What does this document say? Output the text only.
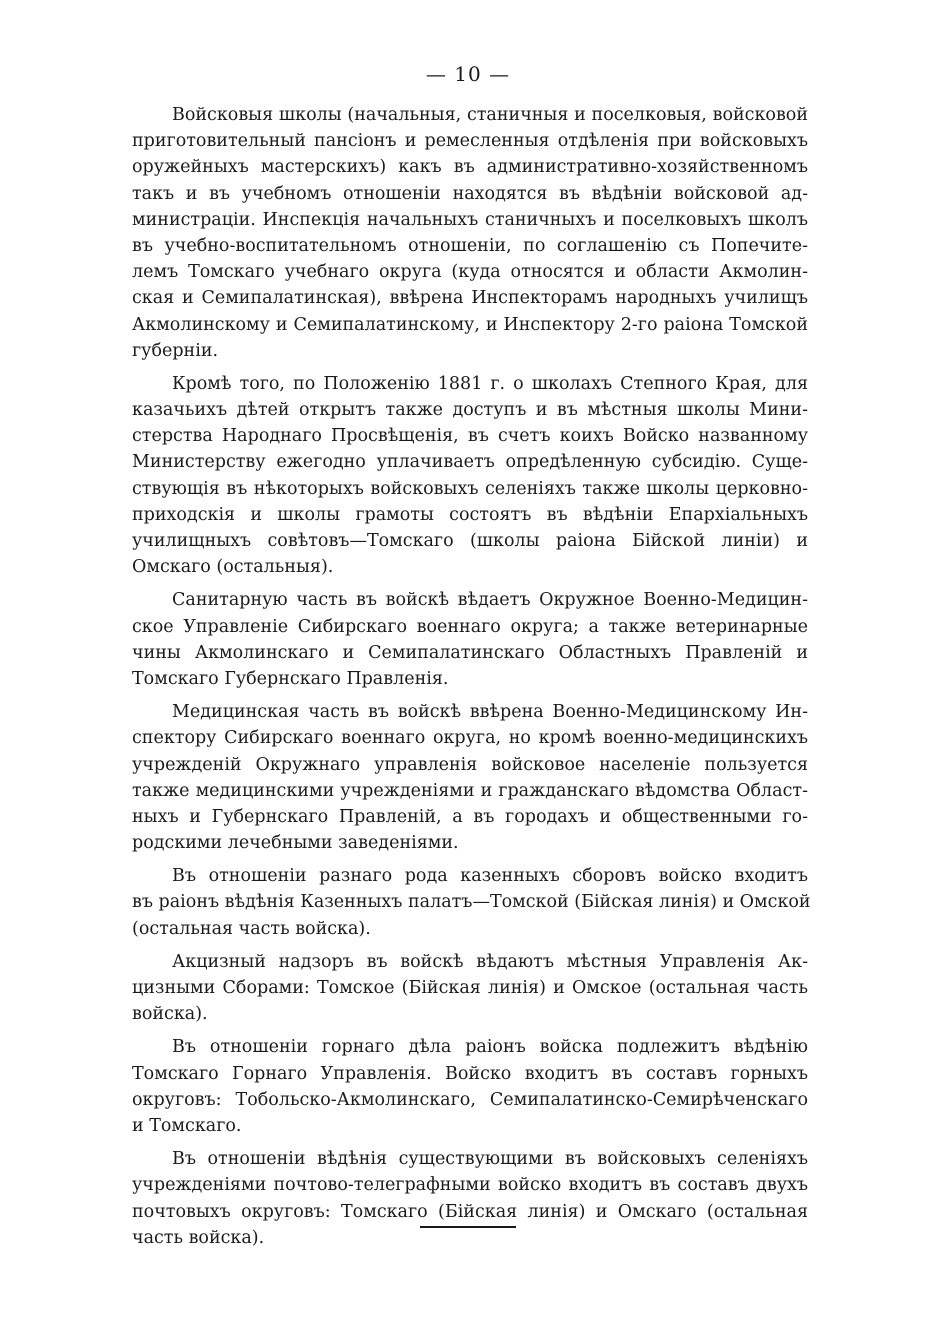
— 10 —
Войсковыя школы (начальныя, станичныя и поселковыя, войсковой
приготовительный пансіонъ и ремесленныя отдѣленія при войсковыхъ
оружейныхъ мастерскихъ) какъ въ административно-хозяйственномъ
такъ и въ учебномъ отношеніи находятся въ вѣдѣніи войсковой ад-
министраціи. Инспекція начальныхъ станичныхъ и поселковыхъ школъ
въ учебно-воспитательномъ отношеніи, по соглашенію съ Попечите-
лемъ Томскаго учебнаго округа (куда относятся и области Акмолин-
ская и Семипалатинская), ввѣрена Инспекторамъ народныхъ училищъ
Акмолинскому и Семипалатинскому, и Инспектору 2-го раіона Томской
губерніи.
Кромѣ того, по Положенію 1881 г. о школахъ Степного Края, для
казачьихъ дѣтей открытъ также доступъ и въ мѣстныя школы Мини-
стерства Народнаго Просвѣщенія, въ счетъ коихъ Войско названному
Министерству ежегодно уплачиваетъ опредѣленную субсидію. Суще-
ствующія въ нѣкоторыхъ войсковыхъ селеніяхъ также школы церковно-
приходскія и школы грамоты состоятъ въ вѣдѣніи Епархіальныхъ
училищныхъ совѣтовъ—Томскаго (школы раіона Бійской линіи) и
Омскаго (остальныя).
Санитарную часть въ войскѣ вѣдаетъ Окружное Военно-Медицин-
ское Управленіе Сибирскаго военнаго округа; а также ветеринарные
чины Акмолинскаго и Семипалатинскаго Областныхъ Правленій и
Томскаго Губернскаго Правленія.
Медицинская часть въ войскѣ ввѣрена Военно-Медицинскому Ин-
спектору Сибирскаго военнаго округа, но кромѣ военно-медицинскихъ
учрежденій Окружнаго управленія войсковое населеніе пользуется
также медицинскими учрежденіями и гражданскаго вѣдомства Облаcт-
ныхъ и Губернскаго Правленій, а въ городахъ и общественными го-
родскими лечебными заведеніями.
Въ отношеніи разнаго рода казенныхъ сборовъ войско входитъ
въ раіонъ вѣдѣнія Казенныхъ палатъ—Томской (Бійская линія) и Омской
(остальная часть войска).
Акцизный надзоръ въ войскѣ вѣдаютъ мѣстныя Управленія Ак-
цизными Сборами: Томское (Бійская линія) и Омское (остальная часть
войска).
Въ отношеніи горнаго дѣла раіонъ войска подлежитъ вѣдѣнію
Томскаго Горнаго Управленія. Войско входитъ въ составъ горныхъ
округовъ: Тобольско-Акмолинскаго, Семипалатинско-Семирѣченскаго
и Томскаго.
Въ отношеніи вѣдѣнія существующими въ войсковыхъ селеніяхъ
учрежденіями почтово-телеграфными войско входитъ въ составъ двухъ
почтовыхъ округовъ: Томскаго (Бійская линія) и Омскаго (остальная
часть войска).
